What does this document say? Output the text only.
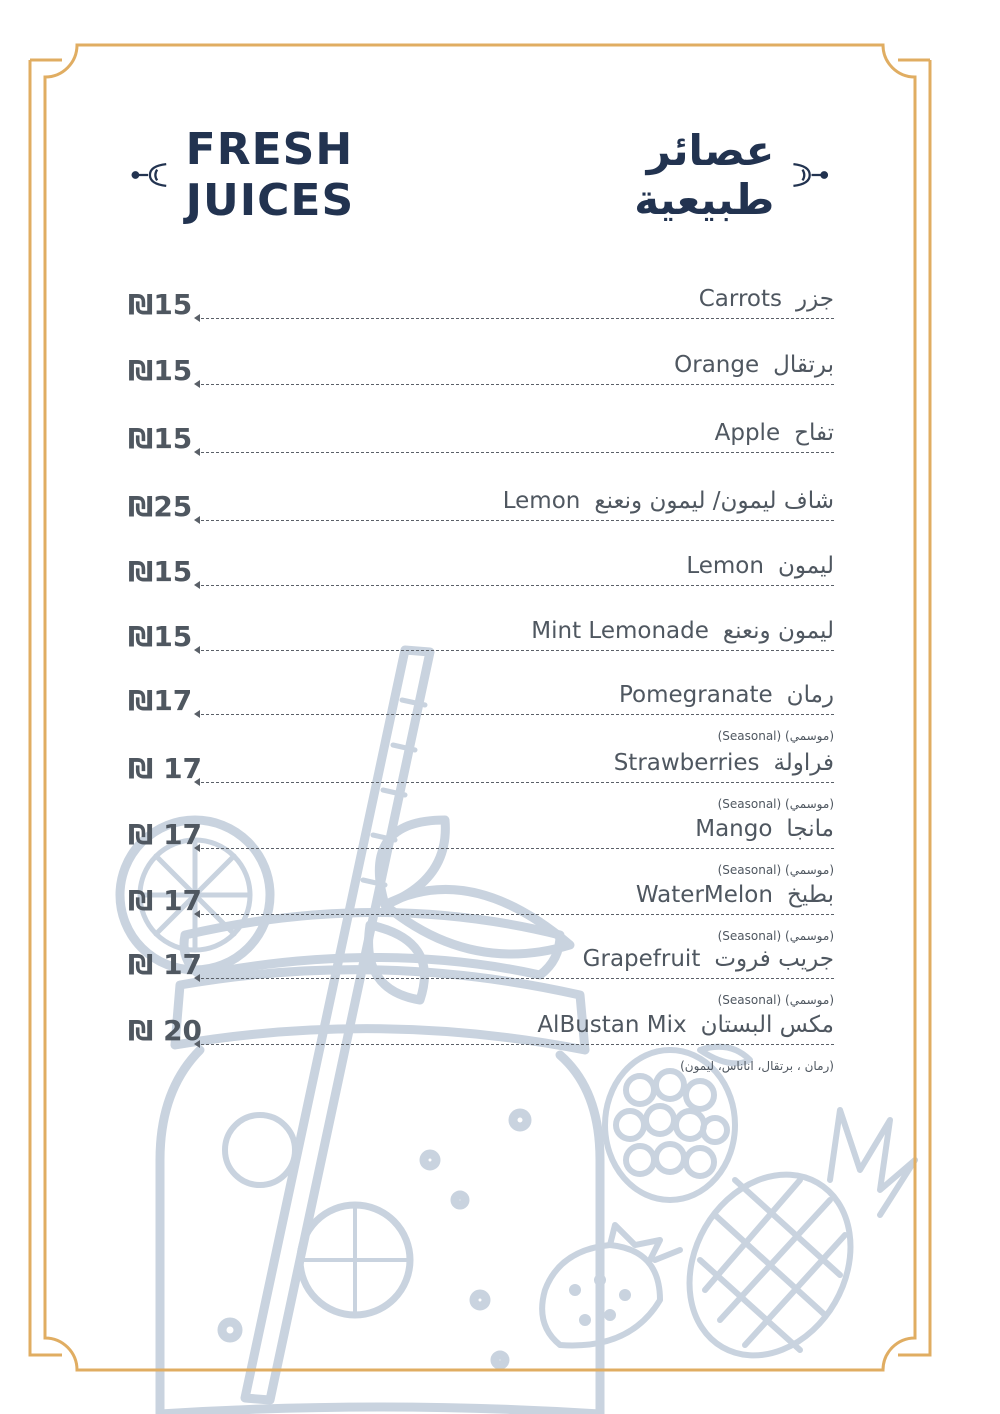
FRESH JUICES
عصائر طبيعية
₪15	Carrots جزر
₪15	Orange برتقال
₪15	Apple تفاح
₪25	Lemon شاف ليمون/ ليمون ونعنع
₪15	Lemon ليمون
₪15	Mint Lemonade ليمون ونعنع
₪17	Pomegranate رمان
(Seasonal) (موسمي)
₪ 17	Strawberries فراولة
(Seasonal) (موسمي)
₪ 17	Mango مانجا
(Seasonal) (موسمي)
₪ 17	WaterMelon بطيخ
(Seasonal) (موسمي)
₪ 17	Grapefruit جريب فروت
(Seasonal) (موسمي)
₪ 20	AlBustan Mix مكس البستان
(رمان ، برتقال، اناناس، ليمون)
